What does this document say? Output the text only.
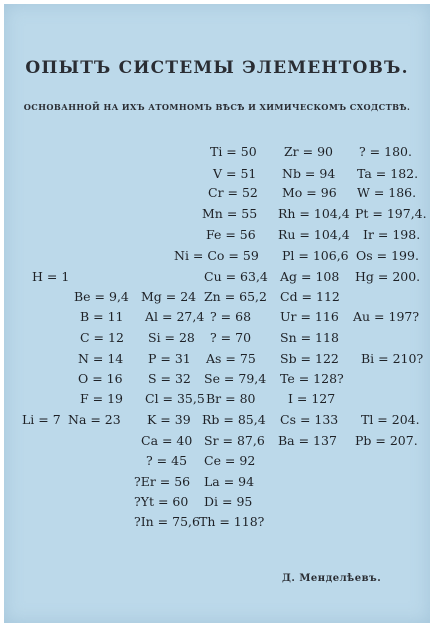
ОПЫТЪ СИСТЕМЫ ЭЛЕМЕНТОВЪ.
ОСНОВАННОЙ НА ИХЪ АТОМНОМЪ ВѢСѢ И ХИМИЧЕСКОМЪ СХОДСТВѢ.
Ti = 50 Zr = 90 ? = 180.
V = 51 Nb = 94 Ta = 182.
Cr = 52 Mo = 96 W = 186.
Mn = 55 Rh = 104,4 Pt = 197,4.
Fe = 56 Ru = 104,4 Ir = 198.
Ni = Co = 59 Pl = 106,6 Os = 199.
H = 1	Cu = 63,4 Ag = 108 Hg = 200.
Be = 9,4 Mg = 24 Zn = 65,2 Cd = 112
B = 11 Al = 27,4 ? = 68 Ur = 116 Au = 197?
C = 12 Si = 28 ? = 70 Sn = 118
N = 14 P = 31 As = 75 Sb = 122 Bi = 210?
O = 16 S = 32 Se = 79,4 Te = 128?
F = 19 Cl = 35,5 Br = 80	I = 127
Li = 7 Na = 23 K = 39 Rb = 85,4 Cs = 133 Tl = 204.
Ca = 40 Sr = 87,6 Ba = 137 Pb = 207.
? = 45 Ce = 92
?Er = 56 La = 94
?Yt = 60 Di = 95
?In = 75,6 Th = 118?
Д. Менделѣевъ.
